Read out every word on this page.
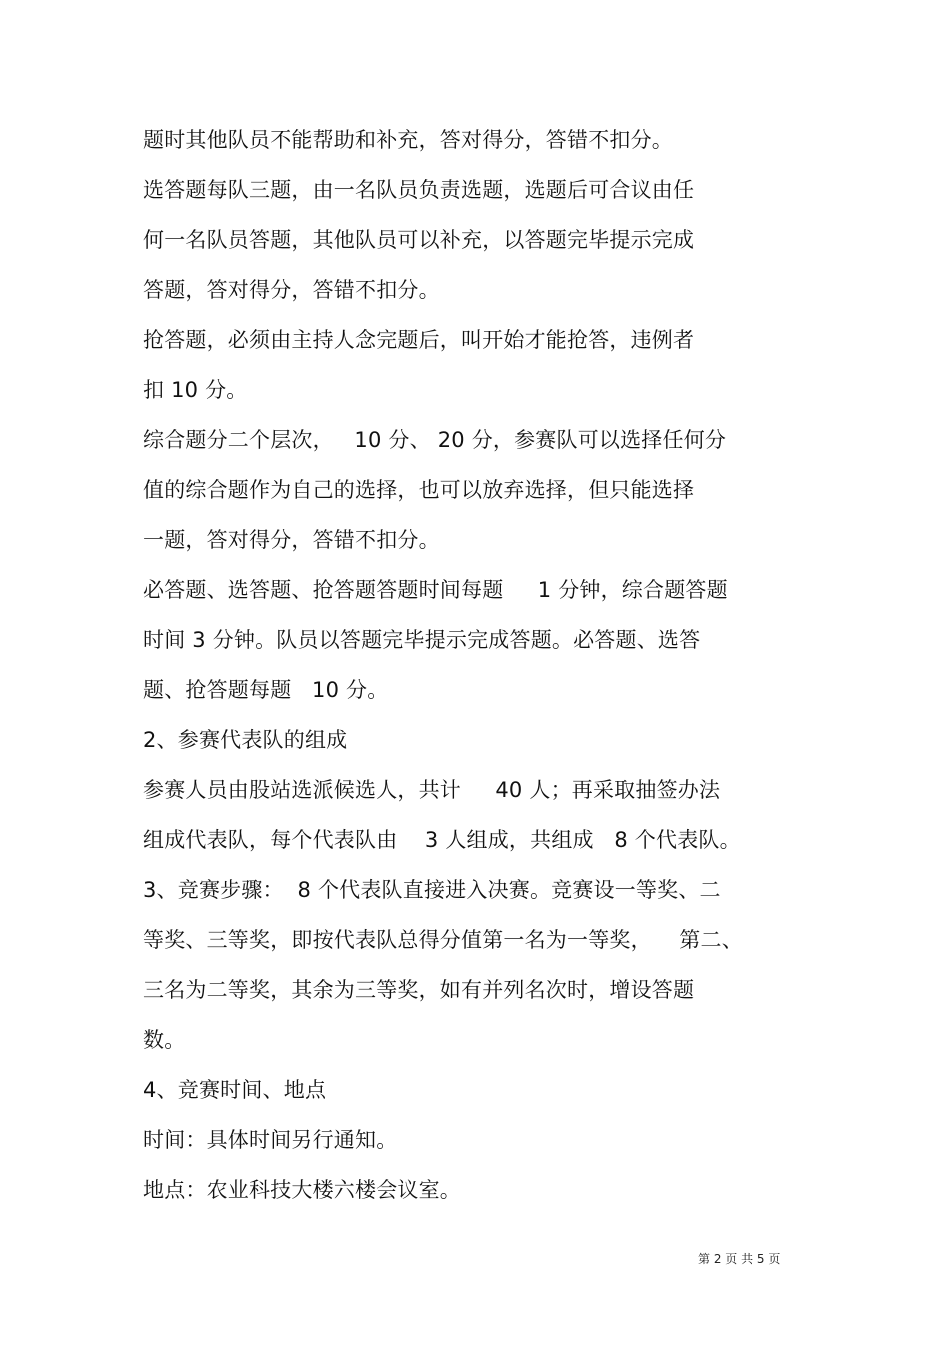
题时其他队员不能帮助和补充，答对得分，答错不扣分。
选答题每队三题，由一名队员负责选题，选题后可合议由任
何一名队员答题，其他队员可以补充，以答题完毕提示完成
答题，答对得分，答错不扣分。
抢答题，必须由主持人念完题后，叫开始才能抢答，违例者
扣 10 分。
综合题分二个层次，   10 分、 20 分，参赛队可以选择任何分
值的综合题作为自己的选择，也可以放弃选择，但只能选择
一题，答对得分，答错不扣分。
必答题、选答题、抢答题答题时间每题     1 分钟，综合题答题
时间 3 分钟。队员以答题完毕提示完成答题。必答题、选答
题、抢答题每题   10 分。
2、参赛代表队的组成
参赛人员由股站选派候选人，共计     40 人；再采取抽签办法
组成代表队，每个代表队由    3 人组成，共组成   8 个代表队。
3、竞赛步骤：  8 个代表队直接进入决赛。竞赛设一等奖、二
等奖、三等奖，即按代表队总得分值第一名为一等奖，    第二、
三名为二等奖，其余为三等奖，如有并列名次时，增设答题
数。
4、竞赛时间、地点
时间：具体时间另行通知。
地点：农业科技大楼六楼会议室。
第 2 页 共 5 页
